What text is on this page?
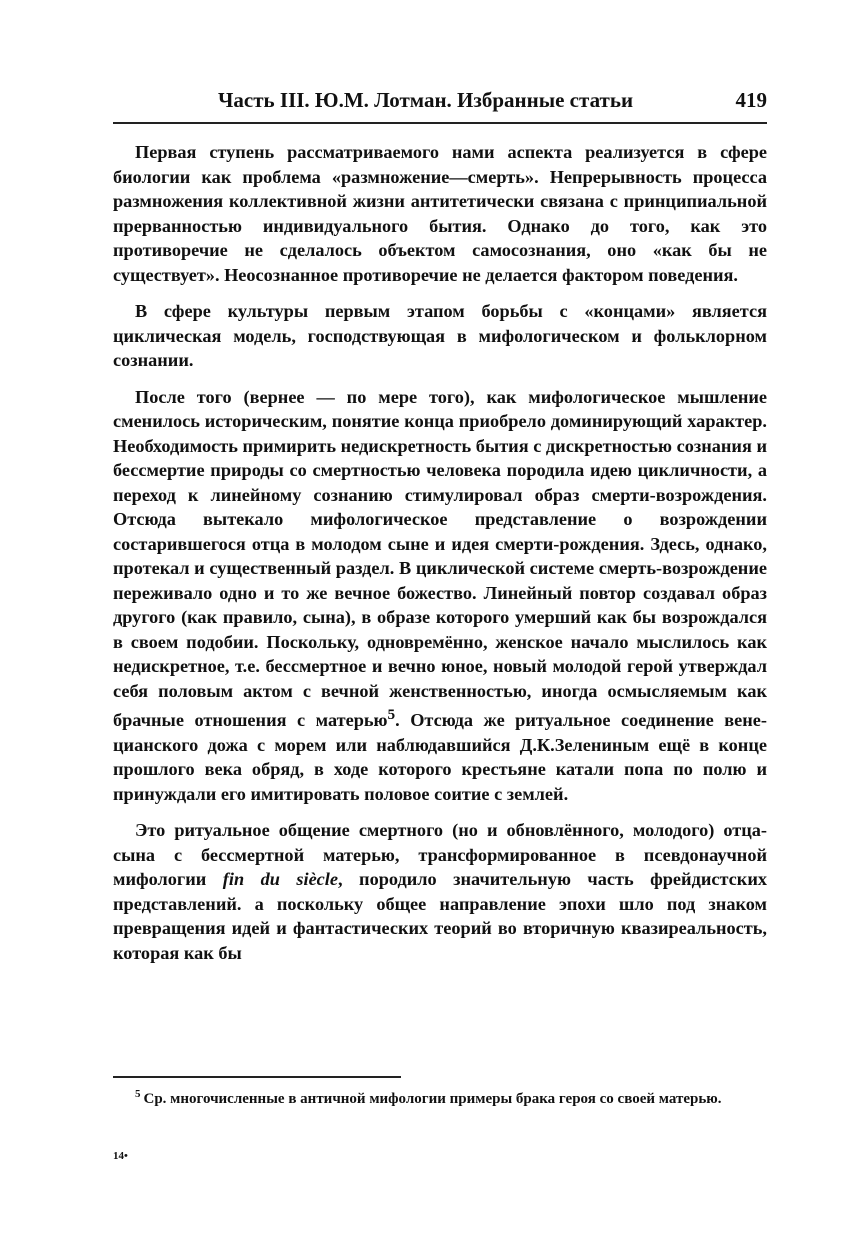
Часть III. Ю.М. Лотман. Избранные статьи	419

Первая ступень рассматриваемого нами аспекта реализуется в сфере биологии как проблема «размножение—смерть». Непрерывность процесса размножения коллективной жизни антитетически связана с принципиальной прерванностью индивидуального бытия. Однако до того, как это противоречие не сделалось объектом самосознания, оно «как бы не существует». Неосознанное противоречие не делается фактором поведения.

В сфере культуры первым этапом борьбы с «концами» является циклическая модель, господствующая в мифологическом и фольклорном сознании.

После того (вернее — по мере того), как мифологическое мышление сменилось историческим, понятие конца приобрело доминирующий характер. Необходимость примирить недискретность бытия с дискретностью сознания и бессмертие природы со смертностью человека породила идею цикличности, а переход к линейному сознанию стимулировал образ смерти-возрождения. Отсюда вытекало мифологическое представление о возрождении состарившегося отца в молодом сыне и идея смерти-рождения. Здесь, однако, протекал и существенный раздел. В циклической системе смерть-возрождение переживало одно и то же вечное божество. Линейный повтор создавал образ другого (как правило, сына), в образе которого умерший как бы возрождался в своем подобии. Поскольку, одновремённо, женское начало мыслилось как недискретное, т.е. бессмертное и вечно юное, новый молодой герой утверждал себя половым актом с вечной женственностью, иногда осмысляемым как брачные отношения с матерью$^5$. Отсюда же ритуальное соединение венецианского дожа с морем или наблюдавшийся Д.К.Зелениным ещё в конце прошлого века обряд, в ходе которого крестьяне катали попа по полю и принуждали его имитировать половое соитие с землей.

Это ритуальное общение смертного (но и обновлённого, молодого) отца-сына с бессмертной матерью, трансформированное в псевдонаучной мифологии fin du siècle, породило значительную часть фрейдистских представлений. а поскольку общее направление эпохи шло под знаком превращения идей и фантастических теорий во вторичную квазиреальность, которая как бы

$^5$ Ср. многочисленные в античной мифологии примеры брака героя со своей матерью.
14•
